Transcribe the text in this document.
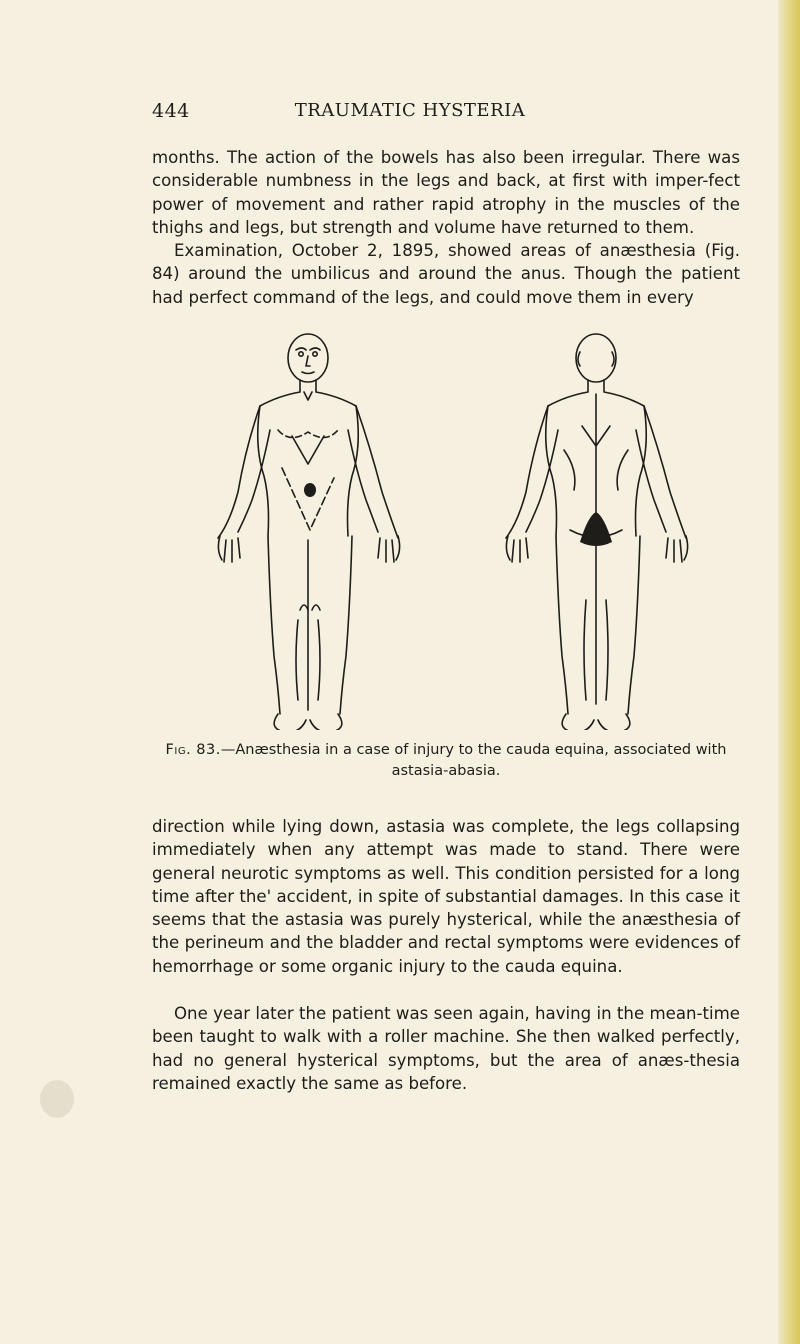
444	TRAUMATIC HYSTERIA

months. The action of the bowels has also been irregular. There was considerable numbness in the legs and back, at first with imper-fect power of movement and rather rapid atrophy in the muscles of the thighs and legs, but strength and volume have returned to them.

Examination, October 2, 1895, showed areas of anæsthesia (Fig. 84) around the umbilicus and around the anus. Though the patient had perfect command of the legs, and could move them in every

Fig. 83.—Anæsthesia in a case of injury to the cauda equina, associated with astasia-abasia.

direction while lying down, astasia was complete, the legs collapsing immediately when any attempt was made to stand. There were general neurotic symptoms as well. This condition persisted for a long time after the' accident, in spite of substantial damages. In this case it seems that the astasia was purely hysterical, while the anæsthesia of the perineum and the bladder and rectal symptoms were evidences of hemorrhage or some organic injury to the cauda equina.

One year later the patient was seen again, having in the mean-time been taught to walk with a roller machine. She then walked perfectly, had no general hysterical symptoms, but the area of anæs-thesia remained exactly the same as before.
